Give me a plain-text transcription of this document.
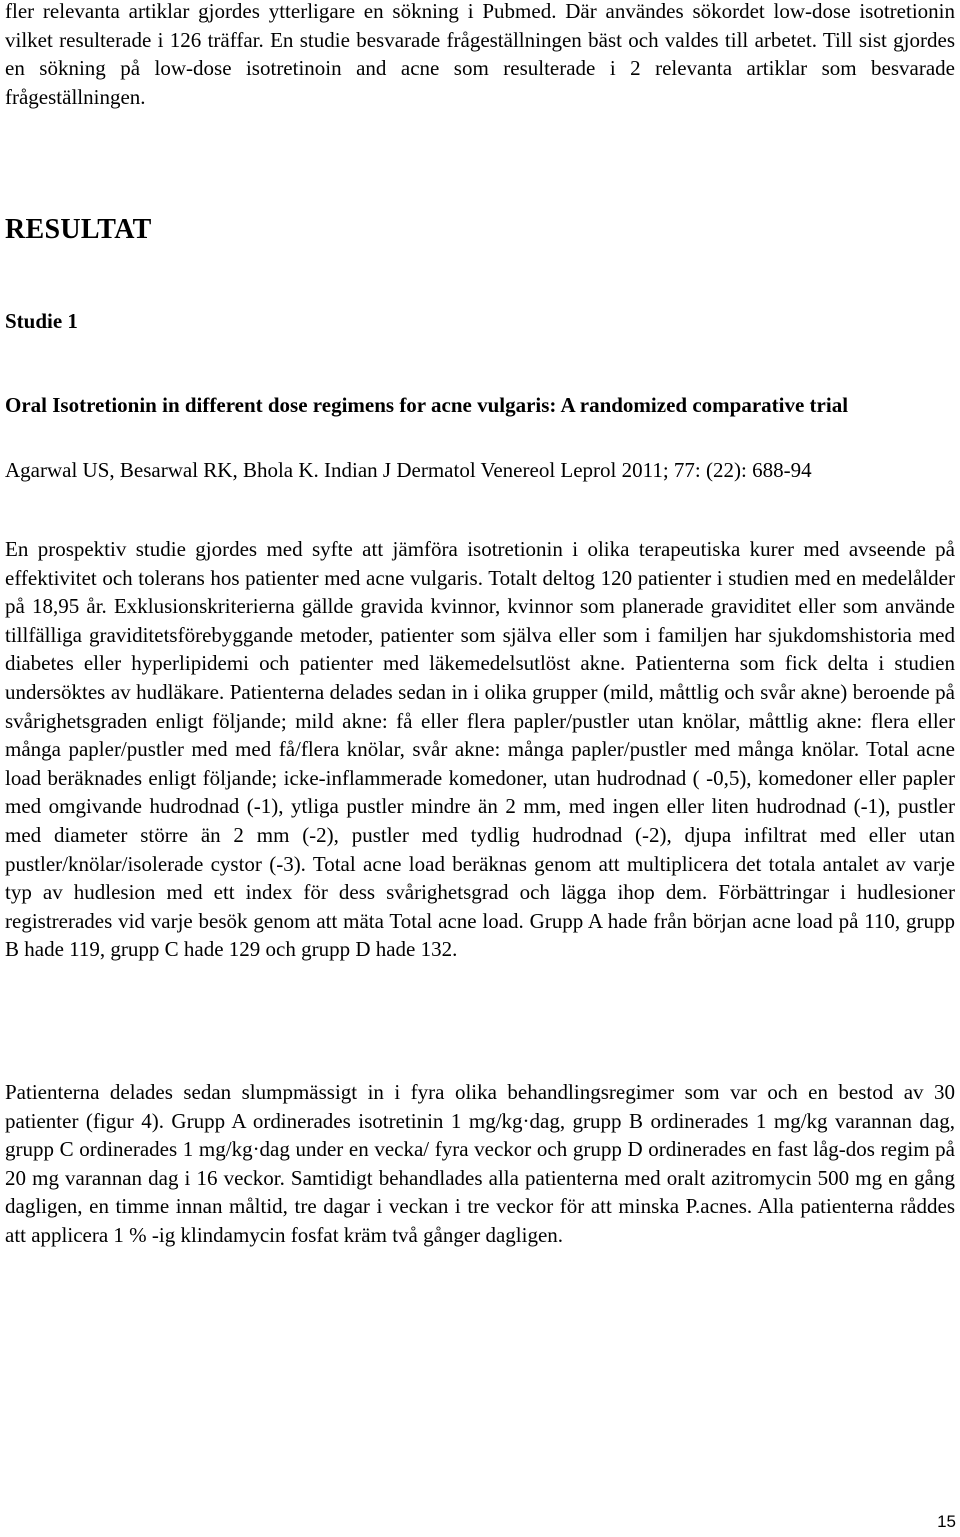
fler relevanta artiklar gjordes ytterligare en sökning i Pubmed. Där användes sökordet low-dose isotretionin vilket resulterade i 126 träffar. En studie besvarade frågeställningen bäst och valdes till arbetet. Till sist gjordes en sökning på low-dose isotretinoin and acne som resulterade i 2 relevanta artiklar som besvarade frågeställningen.

RESULTAT
Studie 1

Oral Isotretionin in different dose regimens for acne vulgaris: A randomized comparative trial

Agarwal US, Besarwal RK, Bhola K. Indian J Dermatol Venereol Leprol 2011; 77: (22): 688-94

En prospektiv studie gjordes med syfte att jämföra isotretionin i olika terapeutiska kurer med avseende på effektivitet och tolerans hos patienter med acne vulgaris. Totalt deltog 120 patienter i studien med en medelålder på 18,95 år. Exklusionskriterierna gällde gravida kvinnor, kvinnor som planerade graviditet eller som använde tillfälliga graviditetsförebyggande metoder, patienter som själva eller som i familjen har sjukdomshistoria med diabetes eller hyperlipidemi och patienter med läkemedelsutlöst akne. Patienterna som fick delta i studien undersöktes av hudläkare. Patienterna delades sedan in i olika grupper (mild, måttlig och svår akne) beroende på svårighetsgraden enligt följande; mild akne: få eller flera papler/pustler utan knölar, måttlig akne: flera eller många papler/pustler med med få/flera knölar, svår akne: många papler/pustler med många knölar. Total acne load beräknades enligt följande; icke-inflammerade komedoner, utan hudrodnad ( -0,5), komedoner eller papler med omgivande hudrodnad (-1), ytliga pustler mindre än 2 mm, med ingen eller liten hudrodnad (-1), pustler med diameter större än 2 mm (-2), pustler med tydlig hudrodnad (-2), djupa infiltrat med eller utan pustler/knölar/isolerade cystor (-3). Total acne load beräknas genom att multiplicera det totala antalet av varje typ av hudlesion med ett index för dess svårighetsgrad och lägga ihop dem. Förbättringar i hudlesioner registrerades vid varje besök genom att mäta Total acne load. Grupp A hade från början acne load på 110, grupp B hade 119, grupp C hade 129 och grupp D hade 132.

Patienterna delades sedan slumpmässigt in i fyra olika behandlingsregimer som var och en bestod av 30 patienter (figur 4). Grupp A ordinerades isotretinin 1 mg/kg·dag, grupp B ordinerades 1 mg/kg varannan dag, grupp C ordinerades 1 mg/kg·dag under en vecka/ fyra veckor och grupp D ordinerades en fast låg-dos regim på 20 mg varannan dag i 16 veckor. Samtidigt behandlades alla patienterna med oralt azitromycin 500 mg en gång dagligen, en timme innan måltid, tre dagar i veckan i tre veckor för att minska P.acnes. Alla patienterna råddes att applicera 1 % -ig klindamycin fosfat kräm två gånger dagligen.

15
